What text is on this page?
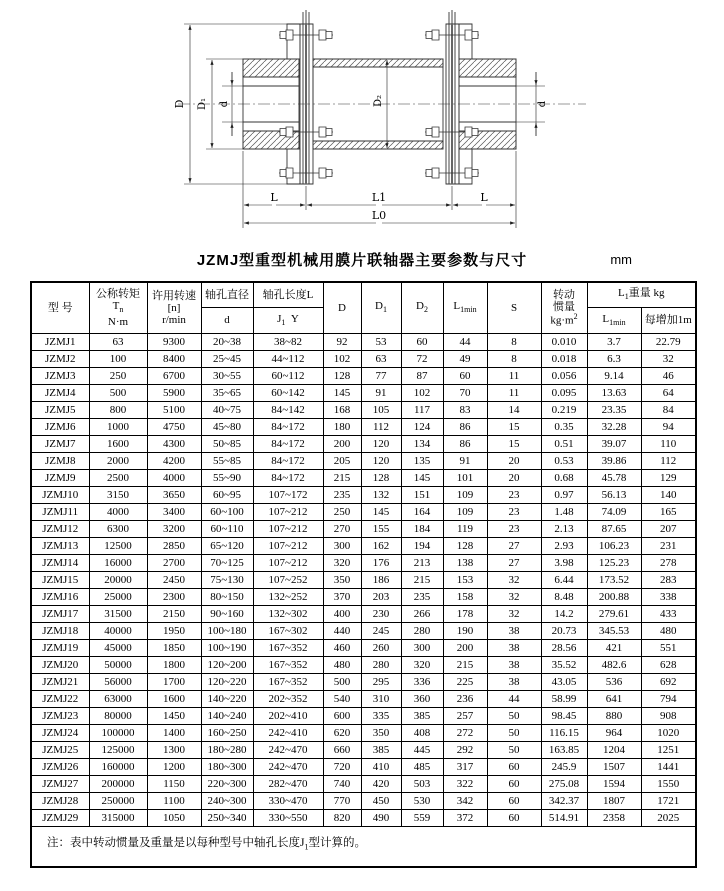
D D₁ d	D₂	d
L	L1	L
L0
JZMJ型重型机械用膜片联轴器主要参数与尺寸	mm
型 号	公称转矩
$T_n$
N·m	许用转速
[n]
r/min	轴孔直径	轴孔长度L	D	$D_1$	$D_2$	$L_{1min}$	S	转动
惯量
$kg\cdot m^2$	$L_1$重量 kg	
			d	$J_1$  Y							$L_{1min}$	每增加1m
JZMJ1	63	9300	20~38	38~82	92	53	60	44	8	0.010	3.7	22.79
JZMJ2	100	8400	25~45	44~112	102	63	72	49	8	0.018	6.3	32
JZMJ3	250	6700	30~55	60~112	128	77	87	60	11	0.056	9.14	46
JZMJ4	500	5900	35~65	60~142	145	91	102	70	11	0.095	13.63	64
JZMJ5	800	5100	40~75	84~142	168	105	117	83	14	0.219	23.35	84
JZMJ6	1000	4750	45~80	84~172	180	112	124	86	15	0.35	32.28	94
JZMJ7	1600	4300	50~85	84~172	200	120	134	86	15	0.51	39.07	110
JZMJ8	2000	4200	55~85	84~172	205	120	135	91	20	0.53	39.86	112
JZMJ9	2500	4000	55~90	84~172	215	128	145	101	20	0.68	45.78	129
JZMJ10	3150	3650	60~95	107~172	235	132	151	109	23	0.97	56.13	140
JZMJ11	4000	3400	60~100	107~212	250	145	164	109	23	1.48	74.09	165
JZMJ12	6300	3200	60~110	107~212	270	155	184	119	23	2.13	87.65	207
JZMJ13	12500	2850	65~120	107~212	300	162	194	128	27	2.93	106.23	231
JZMJ14	16000	2700	70~125	107~212	320	176	213	138	27	3.98	125.23	278
JZMJ15	20000	2450	75~130	107~252	350	186	215	153	32	6.44	173.52	283
JZMJ16	25000	2300	80~150	132~252	370	203	235	158	32	8.48	200.88	338
JZMJ17	31500	2150	90~160	132~302	400	230	266	178	32	14.2	279.61	433
JZMJ18	40000	1950	100~180	167~302	440	245	280	190	38	20.73	345.53	480
JZMJ19	45000	1850	100~190	167~352	460	260	300	200	38	28.56	421	551
JZMJ20	50000	1800	120~200	167~352	480	280	320	215	38	35.52	482.6	628
JZMJ21	56000	1700	120~220	167~352	500	295	336	225	38	43.05	536	692
JZMJ22	63000	1600	140~220	202~352	540	310	360	236	44	58.99	641	794
JZMJ23	80000	1450	140~240	202~410	600	335	385	257	50	98.45	880	908
JZMJ24	100000	1400	160~250	242~410	620	350	408	272	50	116.15	964	1020
JZMJ25	125000	1300	180~280	242~470	660	385	445	292	50	163.85	1204	1251
JZMJ26	160000	1200	180~300	242~470	720	410	485	317	60	245.9	1507	1441
JZMJ27	200000	1150	220~300	282~470	740	420	503	322	60	275.08	1594	1550
JZMJ28	250000	1100	240~300	330~470	770	450	530	342	60	342.37	1807	1721
JZMJ29	315000	1050	250~340	330~550	820	490	559	372	60	514.91	2358	2025
注：表中转动惯量及重量是以每种型号中轴孔长度$J_1$型计算的。												
